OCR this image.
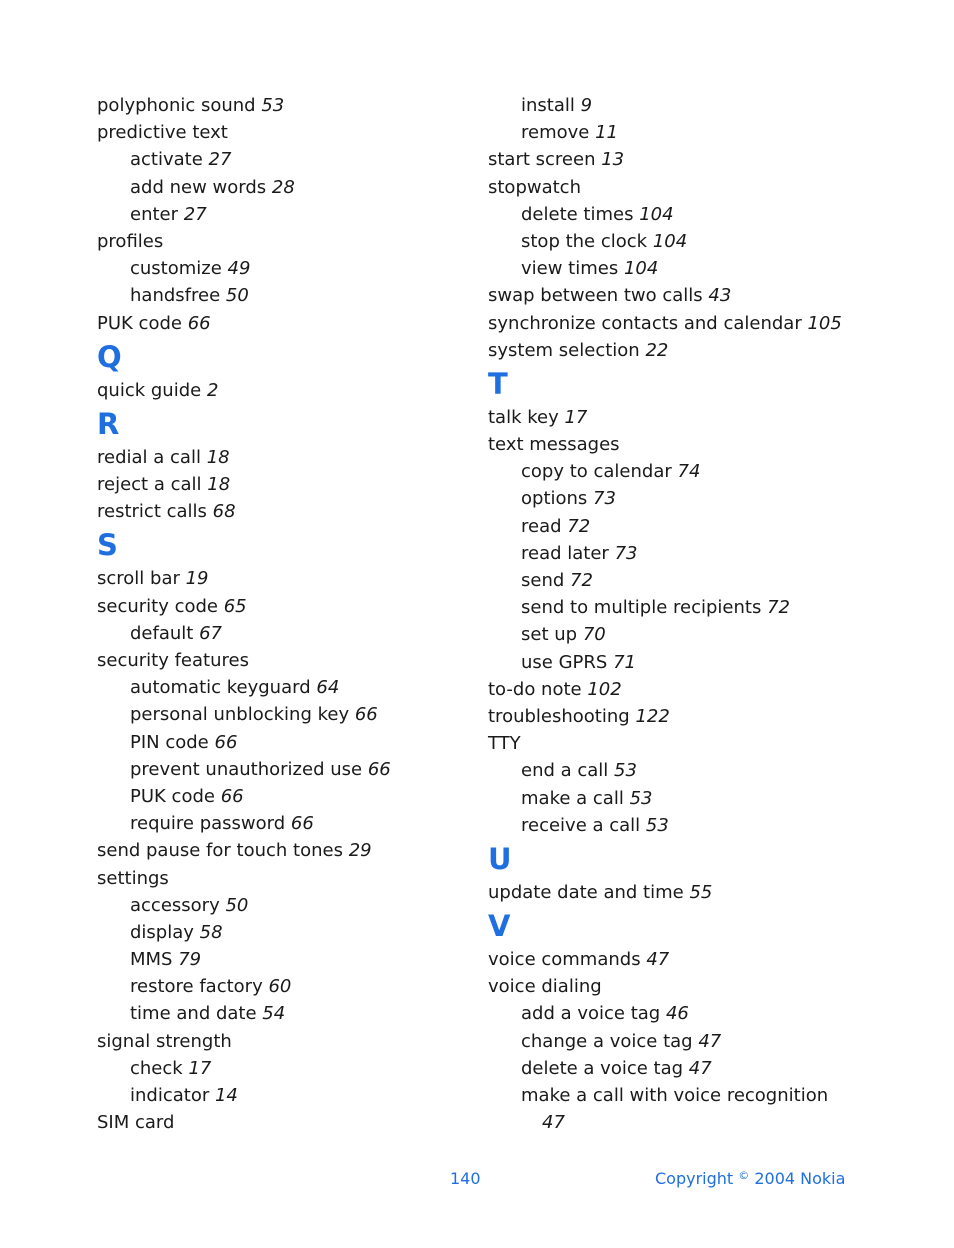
polyphonic sound 53
predictive text
activate 27
add new words 28
enter 27
profiles
customize 49
handsfree 50
PUK code 66
Q
quick guide 2
R
redial a call 18
reject a call 18
restrict calls 68
S
scroll bar 19
security code 65
default 67
security features
automatic keyguard 64
personal unblocking key 66
PIN code 66
prevent unauthorized use 66
PUK code 66
require password 66
send pause for touch tones 29
settings
accessory 50
display 58
MMS 79
restore factory 60
time and date 54
signal strength
check 17
indicator 14
SIM card
install 9
remove 11
start screen 13
stopwatch
delete times 104
stop the clock 104
view times 104
swap between two calls 43
synchronize contacts and calendar 105
system selection 22
T
talk key 17
text messages
copy to calendar 74
options 73
read 72
read later 73
send 72
send to multiple recipients 72
set up 70
use GPRS 71
to-do note 102
troubleshooting 122
TTY
end a call 53
make a call 53
receive a call 53
U
update date and time 55
V
voice commands 47
voice dialing
add a voice tag 46
change a voice tag 47
delete a voice tag 47
make a call with voice recognition
47
140	Copyright © 2004 Nokia
